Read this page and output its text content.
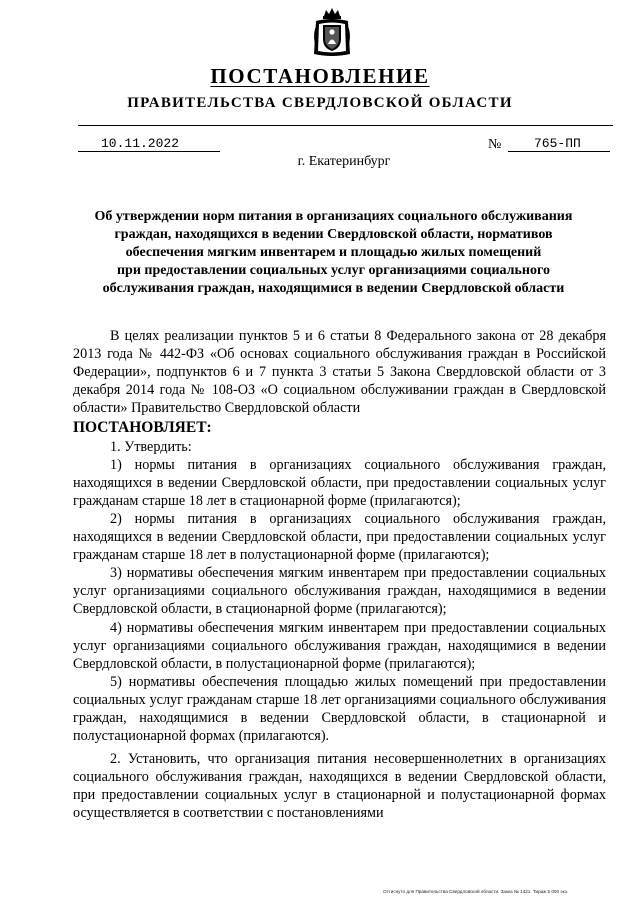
ПОСТАНОВЛЕНИЕ
ПРАВИТЕЛЬСТВА СВЕРДЛОВСКОЙ ОБЛАСТИ
10.11.2022	№	765-ПП
г. Екатеринбург
Об утверждении норм питания в организациях социального обслуживания
граждан, находящихся в ведении Свердловской области, нормативов
обеспечения мягким инвентарем и площадью жилых помещений
при предоставлении социальных услуг организациями социального
обслуживания граждан, находящимися в ведении Свердловской области

В целях реализации пунктов 5 и 6 статьи 8 Федерального закона от 28 декабря 2013 года № 442-ФЗ «Об основах социального обслуживания граждан в Российской Федерации», подпунктов 6 и 7 пункта 3 статьи 5 Закона Свердловской области от 3 декабря 2014 года № 108-ОЗ «О социальном обслуживании граждан в Свердловской области» Правительство Свердловской области

ПОСТАНОВЛЯЕТ:

1. Утвердить:

1) нормы питания в организациях социального обслуживания граждан, находящихся в ведении Свердловской области, при предоставлении социальных услуг гражданам старше 18 лет в стационарной форме (прилагаются);

2) нормы питания в организациях социального обслуживания граждан, находящихся в ведении Свердловской области, при предоставлении социальных услуг гражданам старше 18 лет в полустационарной форме (прилагаются);

3) нормативы обеспечения мягким инвентарем при предоставлении социальных услуг организациями социального обслуживания граждан, находящимися в ведении Свердловской области, в стационарной форме (прилагаются);

4) нормативы обеспечения мягким инвентарем при предоставлении социальных услуг организациями социального обслуживания граждан, находящимися в ведении Свердловской области, в полустационарной форме (прилагаются);

5) нормативы обеспечения площадью жилых помещений при предоставлении социальных услуг гражданам старше 18 лет организациями социального обслуживания граждан, находящимися в ведении Свердловской области, в стационарной и полустационарной формах (прилагаются).

2. Установить, что организация питания несовершеннолетних в организациях социального обслуживания граждан, находящихся в ведении Свердловской области, при предоставлении социальных услуг в стационарной и полустационарной формах осуществляется в соответствии с постановлениями

Оттиснуто для Правительства Свердловской области. Заказ № 1421. Тираж 5 000 экз.
